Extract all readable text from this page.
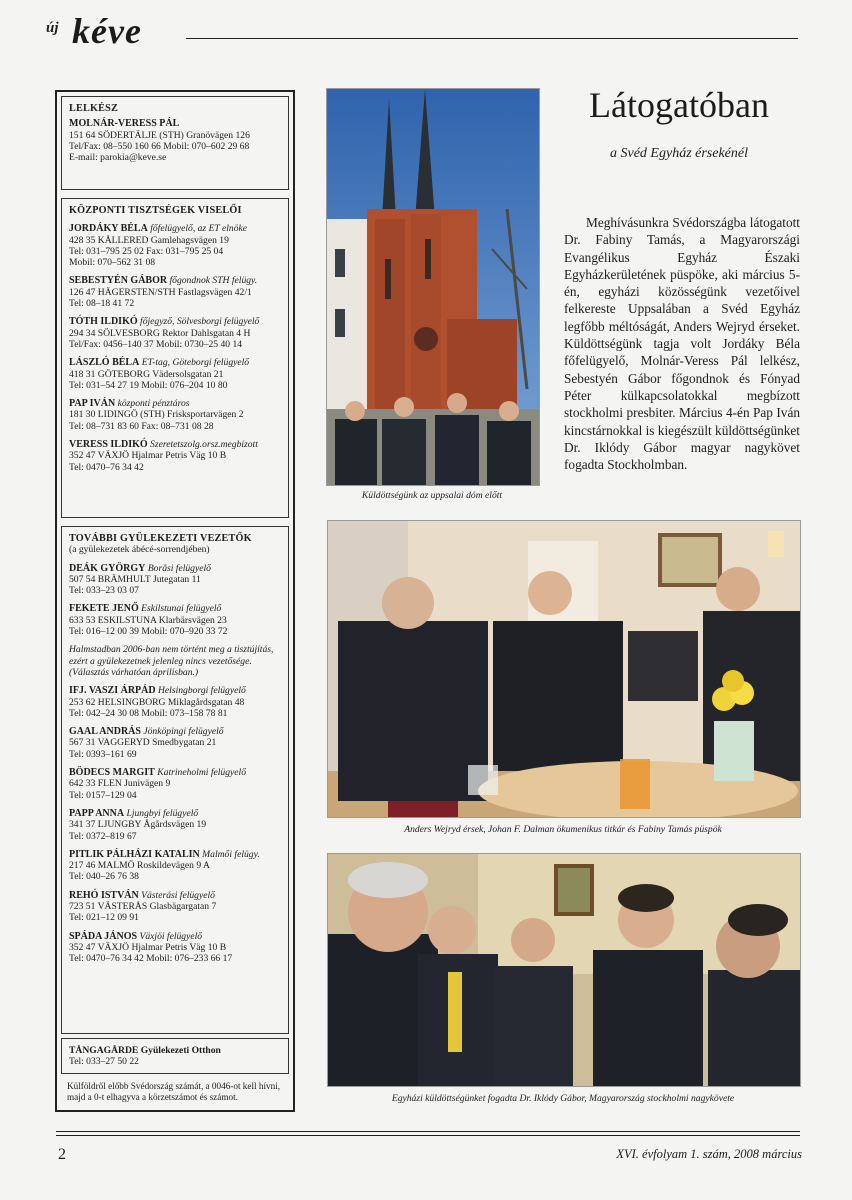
új kéve
LELKÉSZ
MOLNÁR-VERESS PÁL
151 64 SÖDERTÄLJE (STH) Granövägen 126
Tel/Fax: 08–550 160 66 Mobil: 070–602 29 68
E-mail: parokia@keve.se
KÖZPONTI TISZTSÉGEK VISELŐI
JORDÁKY BÉLA főfelügyelő, az ET elnöke
428 35 KÅLLERED Gamlehagsvägen 19
Tel: 031–795 25 02 Fax: 031–795 25 04
Mobil: 070–562 31 08
SEBESTYÉN GÁBOR főgondnok STH felügy.
126 47 HÄGERSTEN/STH Fastlagsvägen 42/1
Tel: 08–18 41 72
TÓTH ILDIKÓ főjegyző, Sölvesborgi felügyelő
294 34 SÖLVESBORG Rektor Dahlsgatan 4 H
Tel/Fax: 0456–140 37 Mobil: 0730–25 40 14
LÁSZLÓ BÉLA ET-tag, Göteborgi felügyelő
418 31 GÖTEBORG Vädersolsgatan 21
Tel: 031–54 27 19 Mobil: 076–204 10 80
PAP IVÁN központi pénztáros
181 30 LIDINGÖ (STH) Frisksportarvägen 2
Tel: 08–731 83 60 Fax: 08–731 08 28
VERESS ILDIKÓ Szeretetszolg.orsz.megbízott
352 47 VÄXJÖ Hjalmar Petris Väg 10 B
Tel: 0470–76 34 42
TOVÁBBI GYÜLEKEZETI VEZETŐK
(a gyülekezetek ábécé-sorrendjében)
DEÁK GYÖRGY Boråsi felügyelő
507 54 BRÄMHULT Jutegatan 11
Tel: 033–23 03 07
FEKETE JENŐ Eskilstunai felügyelő
633 53 ESKILSTUNA Klarbärsvägen 23
Tel: 016–12 00 39 Mobil: 070–920 33 72
Halmstadban 2006-ban nem történt meg a tisztújítás, ezért a gyülekezetnek jelenleg nincs vezetősége. (Választás várhatóan áprilisban.)
IFJ. VASZI ÁRPÁD Helsingborgi felügyelő
253 62 HELSINGBORG Miklagårdsgatan 48
Tel: 042–24 30 08 Mobil: 073–158 78 81
GAAL ANDRÁS Jönköpingi felügyelő
567 31 VAGGERYD Smedbygatan 21
Tel: 0393–161 69
BÖDECS MARGIT Katrineholmi felügyelő
642 33 FLEN Junivägen 9
Tel: 0157–129 04
PAPP ANNA Ljungbyi felügyelő
341 37 LJUNGBY Ågårdsvägen 19
Tel: 0372–819 67
PITLIK PÁLHÁZI KATALIN Malmői felügy.
217 46 MALMÖ Roskildevägen 9 A
Tel: 040–26 76 38
REHÓ ISTVÁN Västerási felügyelő
723 51 VÄSTERÅS Glasbägargatan 7
Tel: 021–12 09 91
SPÁDA JÁNOS Växjöi felügyelő
352 47 VÄXJÖ Hjalmar Petris Väg 10 B
Tel: 0470–76 34 42 Mobil: 076–233 66 17
TÅNGAGÅRDE Gyülekezeti Otthon
Tel: 033–27 50 22
Külföldről előbb Svédország számát, a 0046-ot kell hívni, majd a 0-t elhagyva a körzetszámot és számot.
Látogatóban
a Svéd Egyház érsekénél
Meghívásunkra Svédországba látogatott Dr. Fabiny Tamás, a Magyarországi Evangélikus Egyház Északi Egyházkerületének püspöke, aki március 5-én, egyházi közösségünk vezetőivel felkereste Uppsalában a Svéd Egyház legfőbb méltóságát, Anders Wejryd érseket. Küldöttségünk tagja volt Jordáky Béla főfelügyelő, Molnár-Veress Pál lelkész, Sebestyén Gábor főgondnok és Fónyad Péter külkapcsolatokkal megbízott stockholmi presbiter. Március 4-én Pap Iván kincstárnokkal is kiegészült küldöttségünket Dr. Iklódy Gábor magyar nagykövet fogadta Stockholmban.
Küldöttségünk az uppsalai dóm előtt
Anders Wejryd érsek, Johan F. Dalman ökumenikus titkár és Fabiny Tamás püspök
Egyházi küldöttségünket fogadta Dr. Iklódy Gábor, Magyarország stockholmi nagykövete
2	XVI. évfolyam 1. szám, 2008 március
